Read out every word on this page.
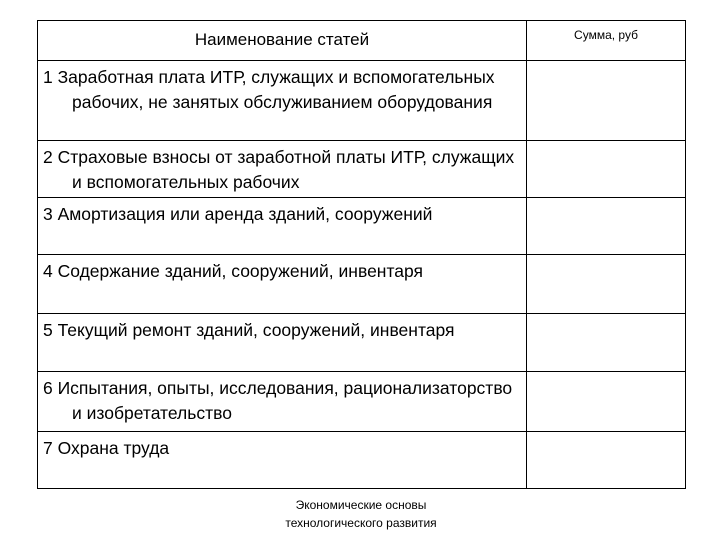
Наименование статей	Сумма, руб

1 Заработная плата ИТР, служащих и вспомогательных рабочих, не занятых обслуживанием оборудования	

2 Страховые взносы от заработной платы ИТР, служащих и вспомогательных рабочих	

3 Амортизация или аренда зданий, сооружений	

4 Содержание зданий, сооружений, инвентаря	

5 Текущий ремонт зданий, сооружений, инвентаря	

6 Испытания, опыты, исследования, рационализаторство и изобретательство	

7 Охрана труда	

Экономические основы
технологического развития
